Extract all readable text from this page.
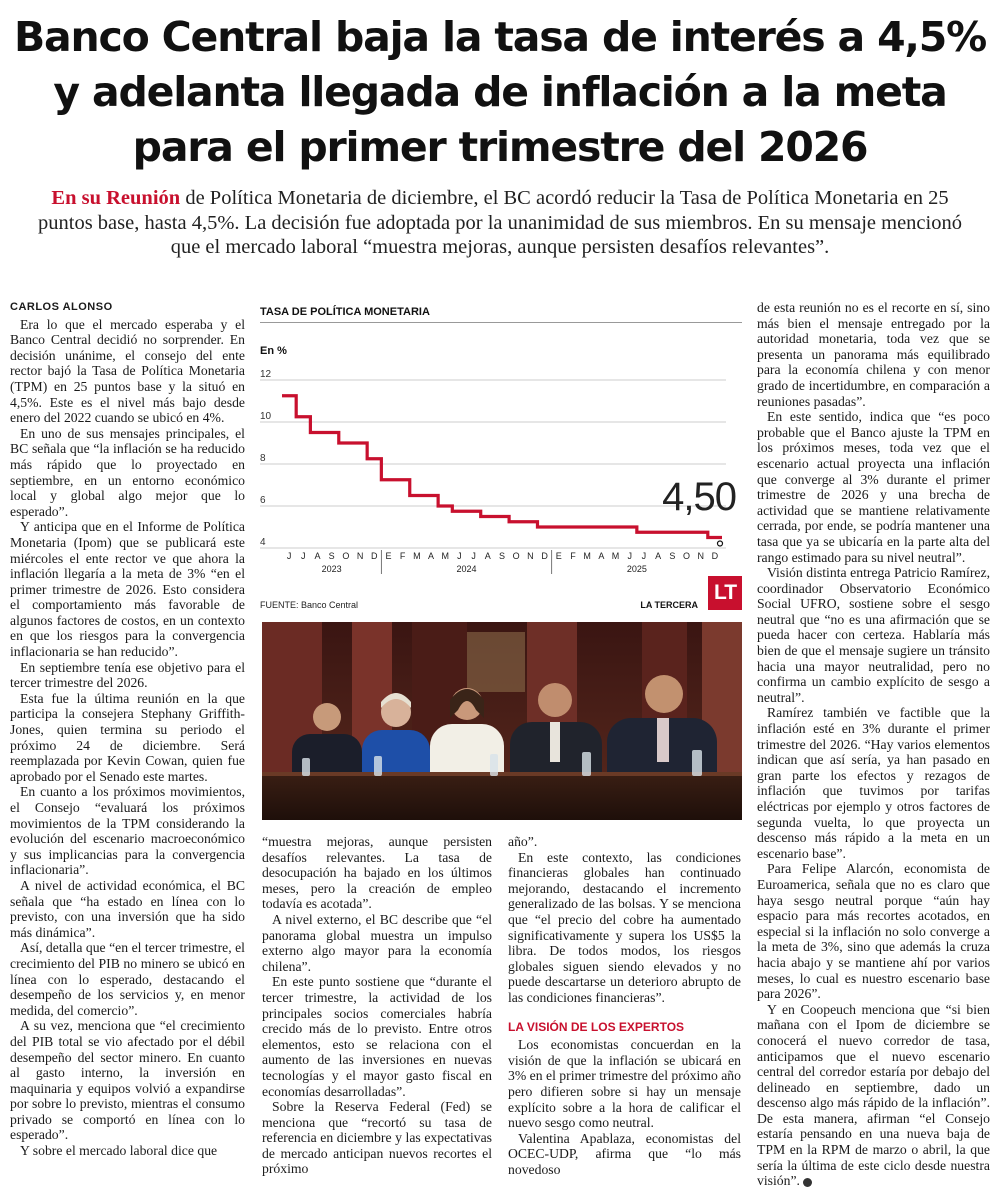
Banco Central baja la tasa de interés a 4,5%
y adelanta llegada de inflación a la meta
para el primer trimestre del 2026
En su Reunión de Política Monetaria de diciembre, el BC acordó reducir la Tasa de Política Monetaria en 25 puntos base, hasta 4,5%. La decisión fue adoptada por la unanimidad de sus miembros. En su mensaje mencionó que el mercado laboral “muestra mejoras, aunque persisten desafíos relevantes”.

CARLOS ALONSO

Era lo que el mercado esperaba y el Banco Central decidió no sorprender. En decisión unánime, el consejo del ente rector bajó la Tasa de Política Monetaria (TPM) en 25 puntos base y la situó en 4,5%. Este es el nivel más bajo desde enero del 2022 cuando se ubicó en 4%.

En uno de sus mensajes principales, el BC señala que “la inflación se ha reducido más rápido que lo proyectado en septiembre, en un entorno económico local y global algo mejor que lo esperado”.

Y anticipa que en el Informe de Política Monetaria (Ipom) que se publicará este miércoles el ente rector ve que ahora la inflación llegaría a la meta de 3% “en el primer trimestre de 2026. Esto considera el comportamiento más favorable de algunos factores de costos, en un contexto en que los riesgos para la convergencia inflacionaria se han reducido”.

En septiembre tenía ese objetivo para el tercer trimestre del 2026.

Esta fue la última reunión en la que participa la consejera Stephany Griffith-Jones, quien termina su periodo el próximo 24 de diciembre. Será reemplazada por Kevin Cowan, quien fue aprobado por el Senado este martes.

En cuanto a los próximos movimientos, el Consejo “evaluará los próximos movimientos de la TPM considerando la evolución del escenario macroeconómico y sus implicancias para la convergencia inflacionaria”.

A nivel de actividad económica, el BC señala que “ha estado en línea con lo previsto, con una inversión que ha sido más dinámica”.

Así, detalla que “en el tercer trimestre, el crecimiento del PIB no minero se ubicó en línea con lo esperado, destacando el desempeño de los servicios y, en menor medida, del comercio”.

A su vez, menciona que “el crecimiento del PIB total se vio afectado por el débil desempeño del sector minero. En cuanto al gasto interno, la inversión en maquinaria y equipos volvió a expandirse por sobre lo previsto, mientras el consumo privado se comportó en línea con lo esperado”.

Y sobre el mercado laboral dice que

TASA DE POLÍTICA MONETARIA
En %
4
6
8
10
12
J J A S O N D E F M A M J J A S O N D E F M A M J J A S O N D
2023	2024	2025
4,50
FUENTE: Banco Central	LA TERCERA
LT

“muestra mejoras, aunque persisten desafíos relevantes. La tasa de desocupación ha bajado en los últimos meses, pero la creación de empleo todavía es acotada”.

A nivel externo, el BC describe que “el panorama global muestra un impulso externo algo mayor para la economía chilena”.

En este punto sostiene que “durante el tercer trimestre, la actividad de los principales socios comerciales habría crecido más de lo previsto. Entre otros elementos, esto se relaciona con el aumento de las inversiones en nuevas tecnologías y el mayor gasto fiscal en economías desarrolladas”.

Sobre la Reserva Federal (Fed) se menciona que “recortó su tasa de referencia en diciembre y las expectativas de mercado anticipan nuevos recortes el próximo

año”.

En este contexto, las condiciones financieras globales han continuado mejorando, destacando el incremento generalizado de las bolsas. Y se menciona que “el precio del cobre ha aumentado significativamente y supera los US$5 la libra. De todos modos, los riesgos globales siguen siendo elevados y no puede descartarse un deterioro abrupto de las condiciones financieras”.

LA VISIÓN DE LOS EXPERTOS

Los economistas concuerdan en la visión de que la inflación se ubicará en 3% en el primer trimestre del próximo año pero difieren sobre si hay un mensaje explícito sobre a la hora de calificar el nuevo sesgo como neutral.

Valentina Apablaza, economistas del OCEC-UDP, afirma que “lo más novedoso

de esta reunión no es el recorte en sí, sino más bien el mensaje entregado por la autoridad monetaria, toda vez que se presenta un panorama más equilibrado para la economía chilena y con menor grado de incertidumbre, en comparación a reuniones pasadas”.

En este sentido, indica que “es poco probable que el Banco ajuste la TPM en los próximos meses, toda vez que el escenario actual proyecta una inflación que converge al 3% durante el primer trimestre de 2026 y una brecha de actividad que se mantiene relativamente cerrada, por ende, se podría mantener una tasa que ya se ubicaría en la parte alta del rango estimado para su nivel neutral”.

Visión distinta entrega Patricio Ramírez, coordinador Observatorio Económico Social UFRO, sostiene sobre el sesgo neutral que “no es una afirmación que se pueda hacer con certeza. Hablaría más bien de que el mensaje sugiere un tránsito hacia una mayor neutralidad, pero no confirma un cambio explícito de sesgo a neutral”.

Ramírez también ve factible que la inflación esté en 3% durante el primer trimestre del 2026. “Hay varios elementos indican que así sería, ya han pasado en gran parte los efectos y rezagos de inflación que tuvimos por tarifas eléctricas por ejemplo y otros factores de segunda vuelta, lo que proyecta un descenso más rápido a la meta en un escenario base”.

Para Felipe Alarcón, economista de Euroamerica, señala que no es claro que haya sesgo neutral porque “aún hay espacio para más recortes acotados, en especial si la inflación no solo converge a la meta de 3%, sino que además la cruza hacia abajo y se mantiene ahí por varios meses, lo cual es nuestro escenario base para 2026”.

Y en Coopeuch menciona que “si bien mañana con el Ipom de diciembre se conocerá el nuevo corredor de tasa, anticipamos que el nuevo escenario central del corredor estaría por debajo del delineado en septiembre, dado un descenso algo más rápido de la inflación”. De esta manera, afirman “el Consejo estaría pensando en una nueva baja de TPM en la RPM de marzo o abril, la que sería la última de este ciclo desde nuestra visión”.
